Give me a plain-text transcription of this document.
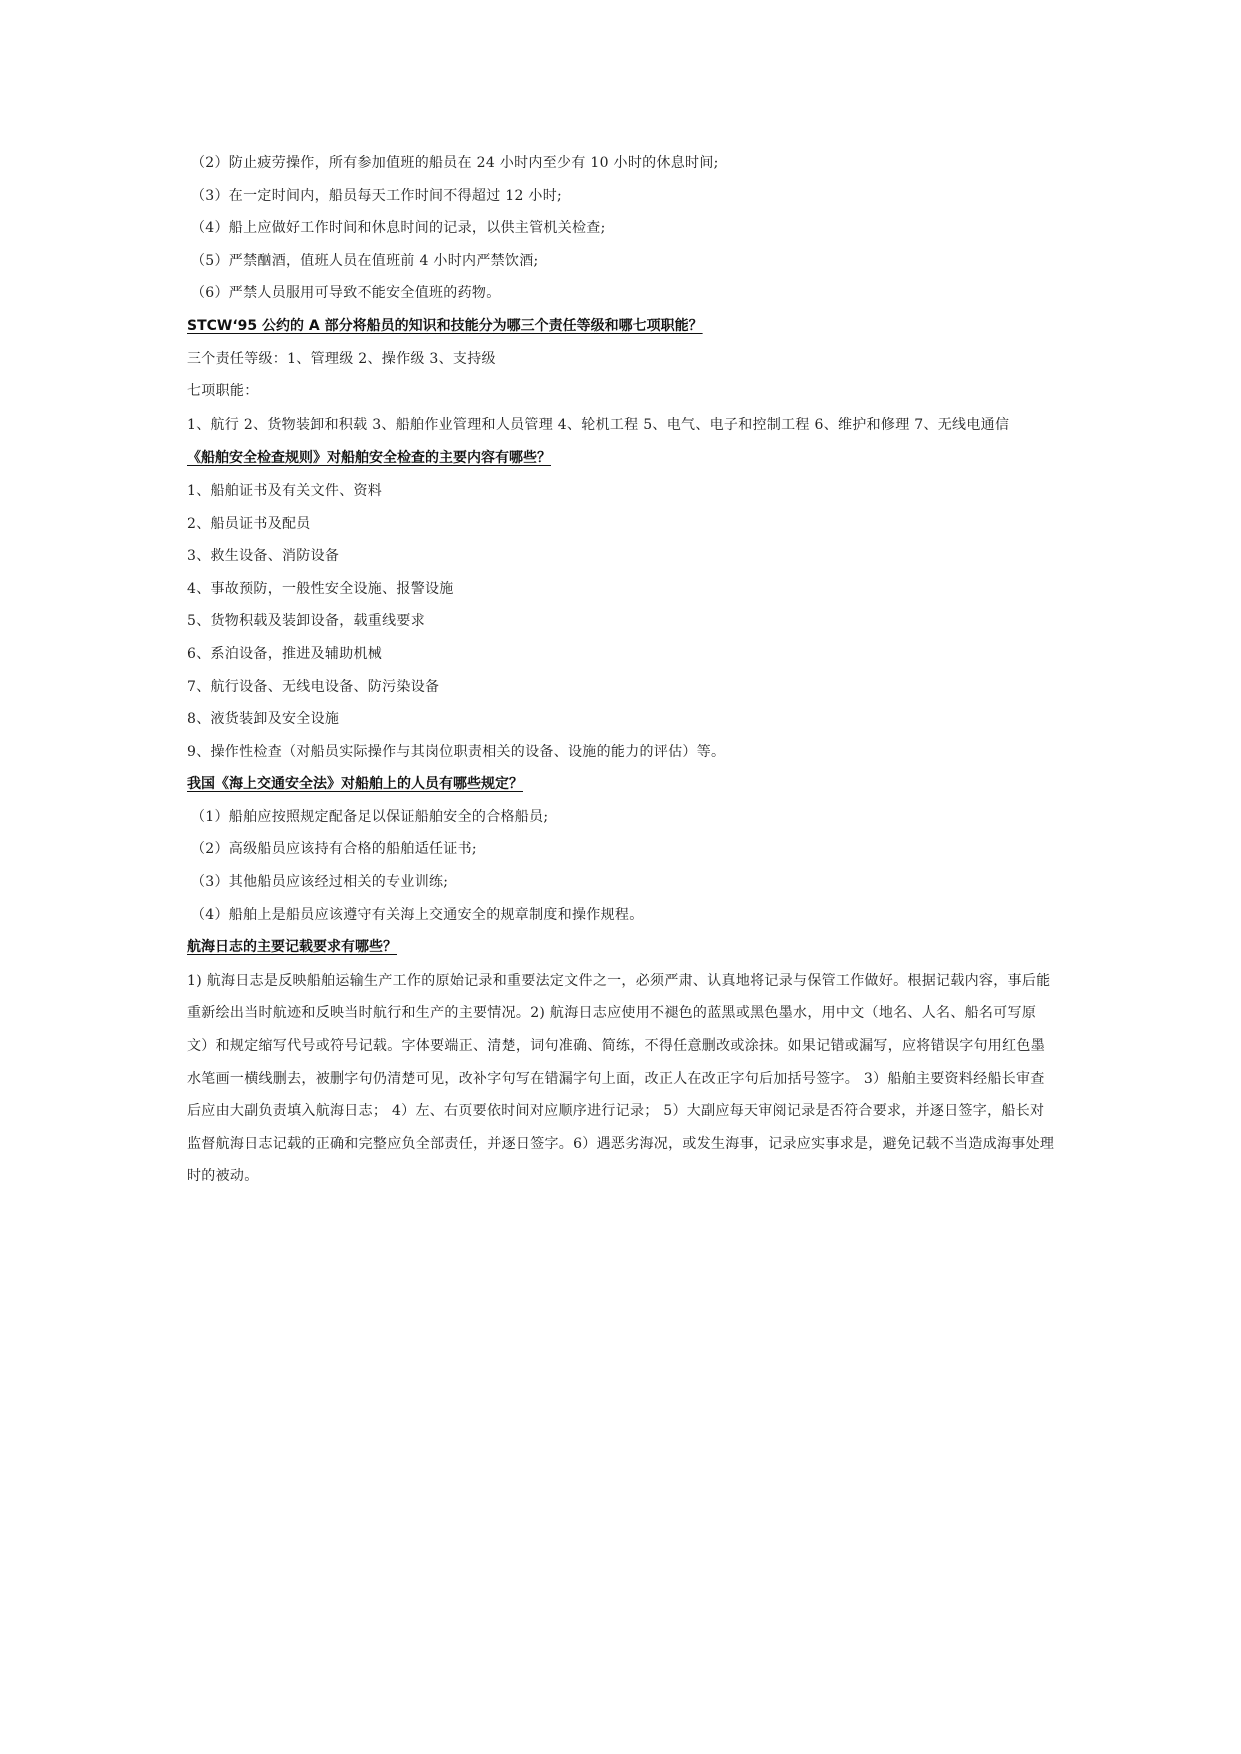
（2）防止疲劳操作，所有参加值班的船员在 24 小时内至少有 10 小时的休息时间;
（3）在一定时间内，船员每天工作时间不得超过 12 小时;
（4）船上应做好工作时间和休息时间的记录，以供主管机关检查;
（5）严禁酗酒，值班人员在值班前 4 小时内严禁饮酒;
（6）严禁人员服用可导致不能安全值班的药物。
STCW‘95 公约的 A 部分将船员的知识和技能分为哪三个责任等级和哪七项职能？
三个责任等级：1、管理级 2、操作级 3、支持级
七项职能：
1、航行 2、货物装卸和积载 3、船舶作业管理和人员管理 4、轮机工程 5、电气、电子和控制工程 6、维护和修理 7、无线电通信
《船舶安全检查规则》对船舶安全检查的主要内容有哪些？
1、船舶证书及有关文件、资料
2、船员证书及配员
3、救生设备、消防设备
4、事故预防，一般性安全设施、报警设施
5、货物积载及装卸设备，载重线要求
6、系泊设备，推进及辅助机械
7、航行设备、无线电设备、防污染设备
8、液货装卸及安全设施
9、操作性检查（对船员实际操作与其岗位职责相关的设备、设施的能力的评估）等。
我国《海上交通安全法》对船舶上的人员有哪些规定？
（1）船舶应按照规定配备足以保证船舶安全的合格船员;
（2）高级船员应该持有合格的船舶适任证书;
（3）其他船员应该经过相关的专业训练;
（4）船舶上是船员应该遵守有关海上交通安全的规章制度和操作规程。
航海日志的主要记载要求有哪些？
1) 航海日志是反映船舶运输生产工作的原始记录和重要法定文件之一，必须严肃、认真地将记录与保管工作做好。根据记载内容，事后能重新绘出当时航迹和反映当时航行和生产的主要情况。2) 航海日志应使用不褪色的蓝黑或黑色墨水，用中文（地名、人名、船名可写原文）和规定缩写代号或符号记载。字体要端正、清楚，词句准确、简练，不得任意删改或涂抹。如果记错或漏写，应将错误字句用红色墨水笔画一横线删去，被删字句仍清楚可见，改补字句写在错漏字句上面，改正人在改正字句后加括号签字。 3）船舶主要资料经船长审查后应由大副负责填入航海日志； 4）左、右页要依时间对应顺序进行记录； 5）大副应每天审阅记录是否符合要求，并逐日签字，船长对监督航海日志记载的正确和完整应负全部责任，并逐日签字。6）遇恶劣海况，或发生海事，记录应实事求是，避免记载不当造成海事处理时的被动。
